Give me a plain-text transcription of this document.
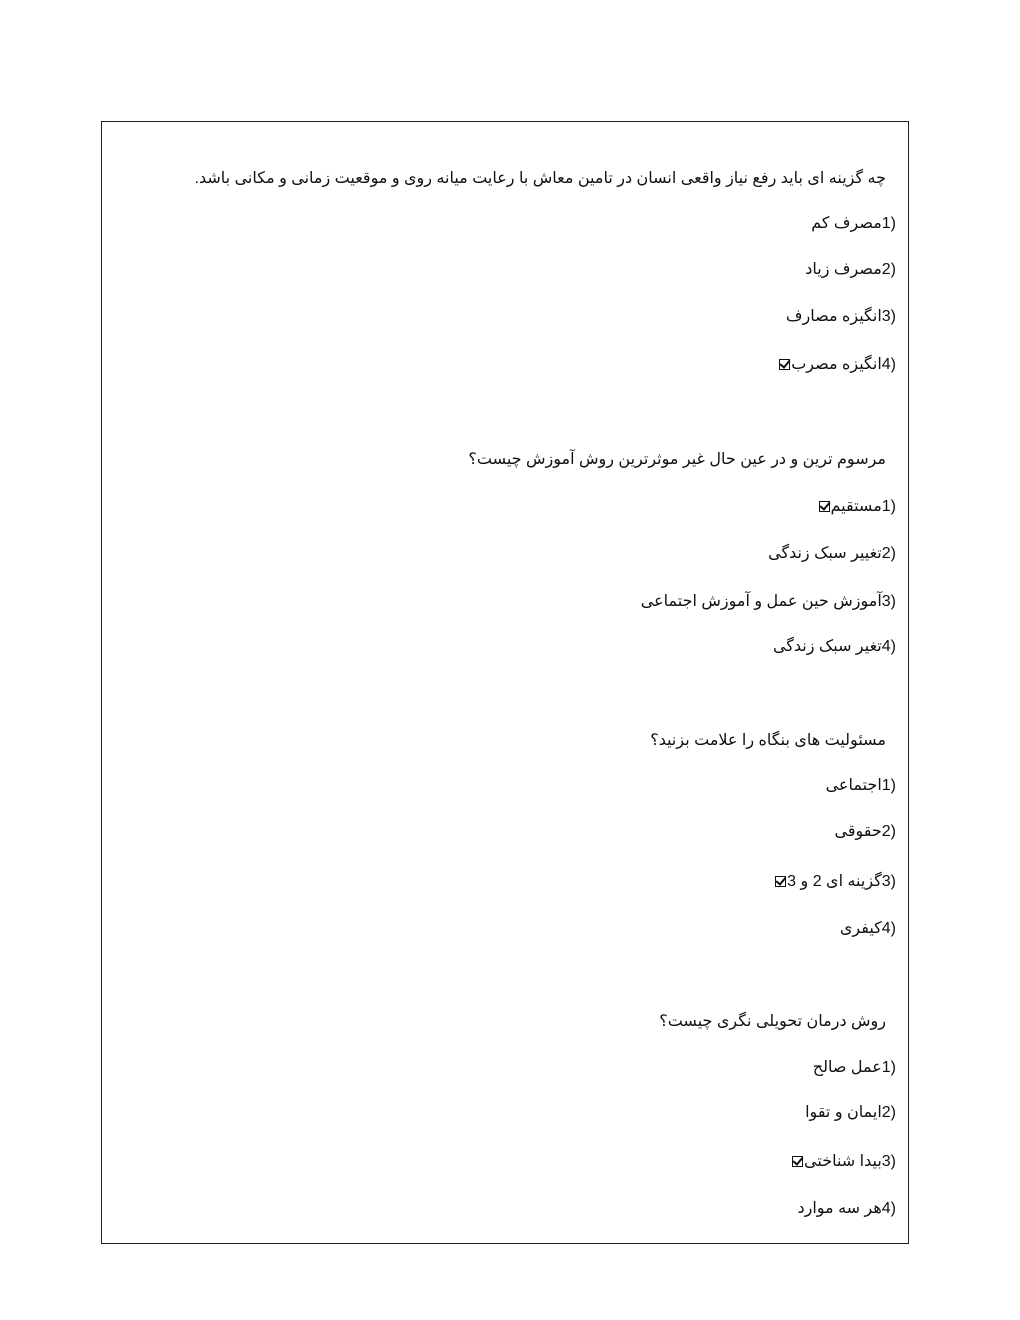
چه گزینه ای باید رفع نیاز واقعی انسان در تامین معاش با رعایت میانه روی و موقعیت زمانی و مکانی باشد.
(1مصرف کم
(2مصرف زیاد
(3انگیزه مصارف
(4انگیزه مصرب
مرسوم ترین و در عین حال غیر موثرترین روش آموزش چیست؟
(1مستقیم
(2تغییر سبک زندگی
(3آموزش حین عمل و آموزش اجتماعی
(4تغیر سبک زندگی
مسئولیت های بنگاه را علامت بزنید؟
(1اجتماعی
(2حقوقی
(3گزینه ای 2 و 3
(4کیفری
روش درمان تحویلی نگری چیست؟
(1عمل صالح
(2ایمان و تقوا
(3بیدا شناختی
(4هر سه موارد
